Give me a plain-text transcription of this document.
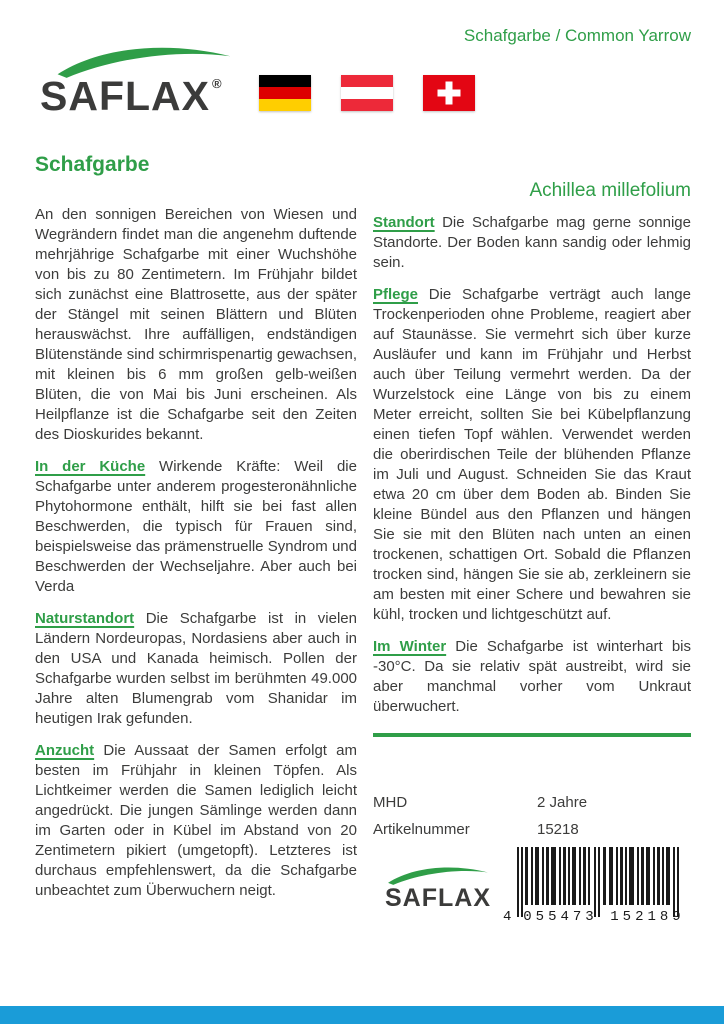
Schafgarbe / Common Yarrow
SAFLAX ®
Schafgarbe

An den sonnigen Bereichen von Wiesen und Wegrändern findet man die angenehm duftende mehrjährige Schafgarbe mit einer Wuchshöhe von bis zu 80 Zentimetern. Im Frühjahr bildet sich zunächst eine Blattrosette, aus der später der Stängel mit seinen Blättern und Blüten herauswächst. Ihre auffälligen, endständigen Blütenstände sind schirmrispenartig gewachsen, mit kleinen bis 6 mm großen gelb-weißen Blüten, die von Mai bis Juni erscheinen. Als Heilpflanze ist die Schafgarbe seit den Zeiten des Dioskurides bekannt.

In der Küche Wirkende Kräfte: Weil die Schafgarbe unter anderem progesteronähnliche Phytohormone enthält, hilft sie bei fast allen Beschwerden, die typisch für Frauen sind, beispielsweise das prämenstruelle Syndrom und Beschwerden der Wechseljahre. Aber auch bei Verda

Naturstandort Die Schafgarbe ist in vielen Ländern Nordeuropas, Nordasiens aber auch in den USA und Kanada heimisch. Pollen der Schafgarbe wurden selbst im berühmten 49.000 Jahre alten Blumengrab vom Shanidar im heutigen Irak gefunden.

Anzucht Die Aussaat der Samen erfolgt am besten im Frühjahr in kleinen Töpfen. Als Lichtkeimer werden die Samen lediglich leicht angedrückt. Die jungen Sämlinge werden dann im Garten oder in Kübel im Abstand von 20 Zentimetern pikiert (umgetopft). Letzteres ist durchaus empfehlenswert, da die Schafgarbe unbeachtet zum Überwuchern neigt.

Achillea millefolium

Standort Die Schafgarbe mag gerne sonnige Standorte. Der Boden kann sandig oder lehmig sein.

Pflege Die Schafgarbe verträgt auch lange Trockenperioden ohne Probleme, reagiert aber auf Staunässe. Sie vermehrt sich über kurze Ausläufer und kann im Frühjahr und Herbst auch über Teilung vermehrt werden. Da der Wurzelstock eine Länge von bis zu einem Meter erreicht, sollten Sie bei Kübelpflanzung einen tiefen Topf wählen. Verwendet werden die oberirdischen Teile der blühenden Pflanze im Juli und August. Schneiden Sie das Kraut etwa 20 cm über dem Boden ab. Binden Sie kleine Bündel aus den Pflanzen und hängen Sie sie mit den Blüten nach unten an einen trockenen, schattigen Ort. Sobald die Pflanzen trocken sind, hängen Sie sie ab, zerkleinern sie am besten mit einer Schere und bewahren sie kühl, trocken und lichtgeschützt auf.

Im Winter Die Schafgarbe ist winterhart bis -30°C. Da sie relativ spät austreibt, wird sie aber manchmal vorher vom Unkraut überwuchert.

MHD	2 Jahre
Artikelnummer	15218
SAFLAX
4 055473 152189
